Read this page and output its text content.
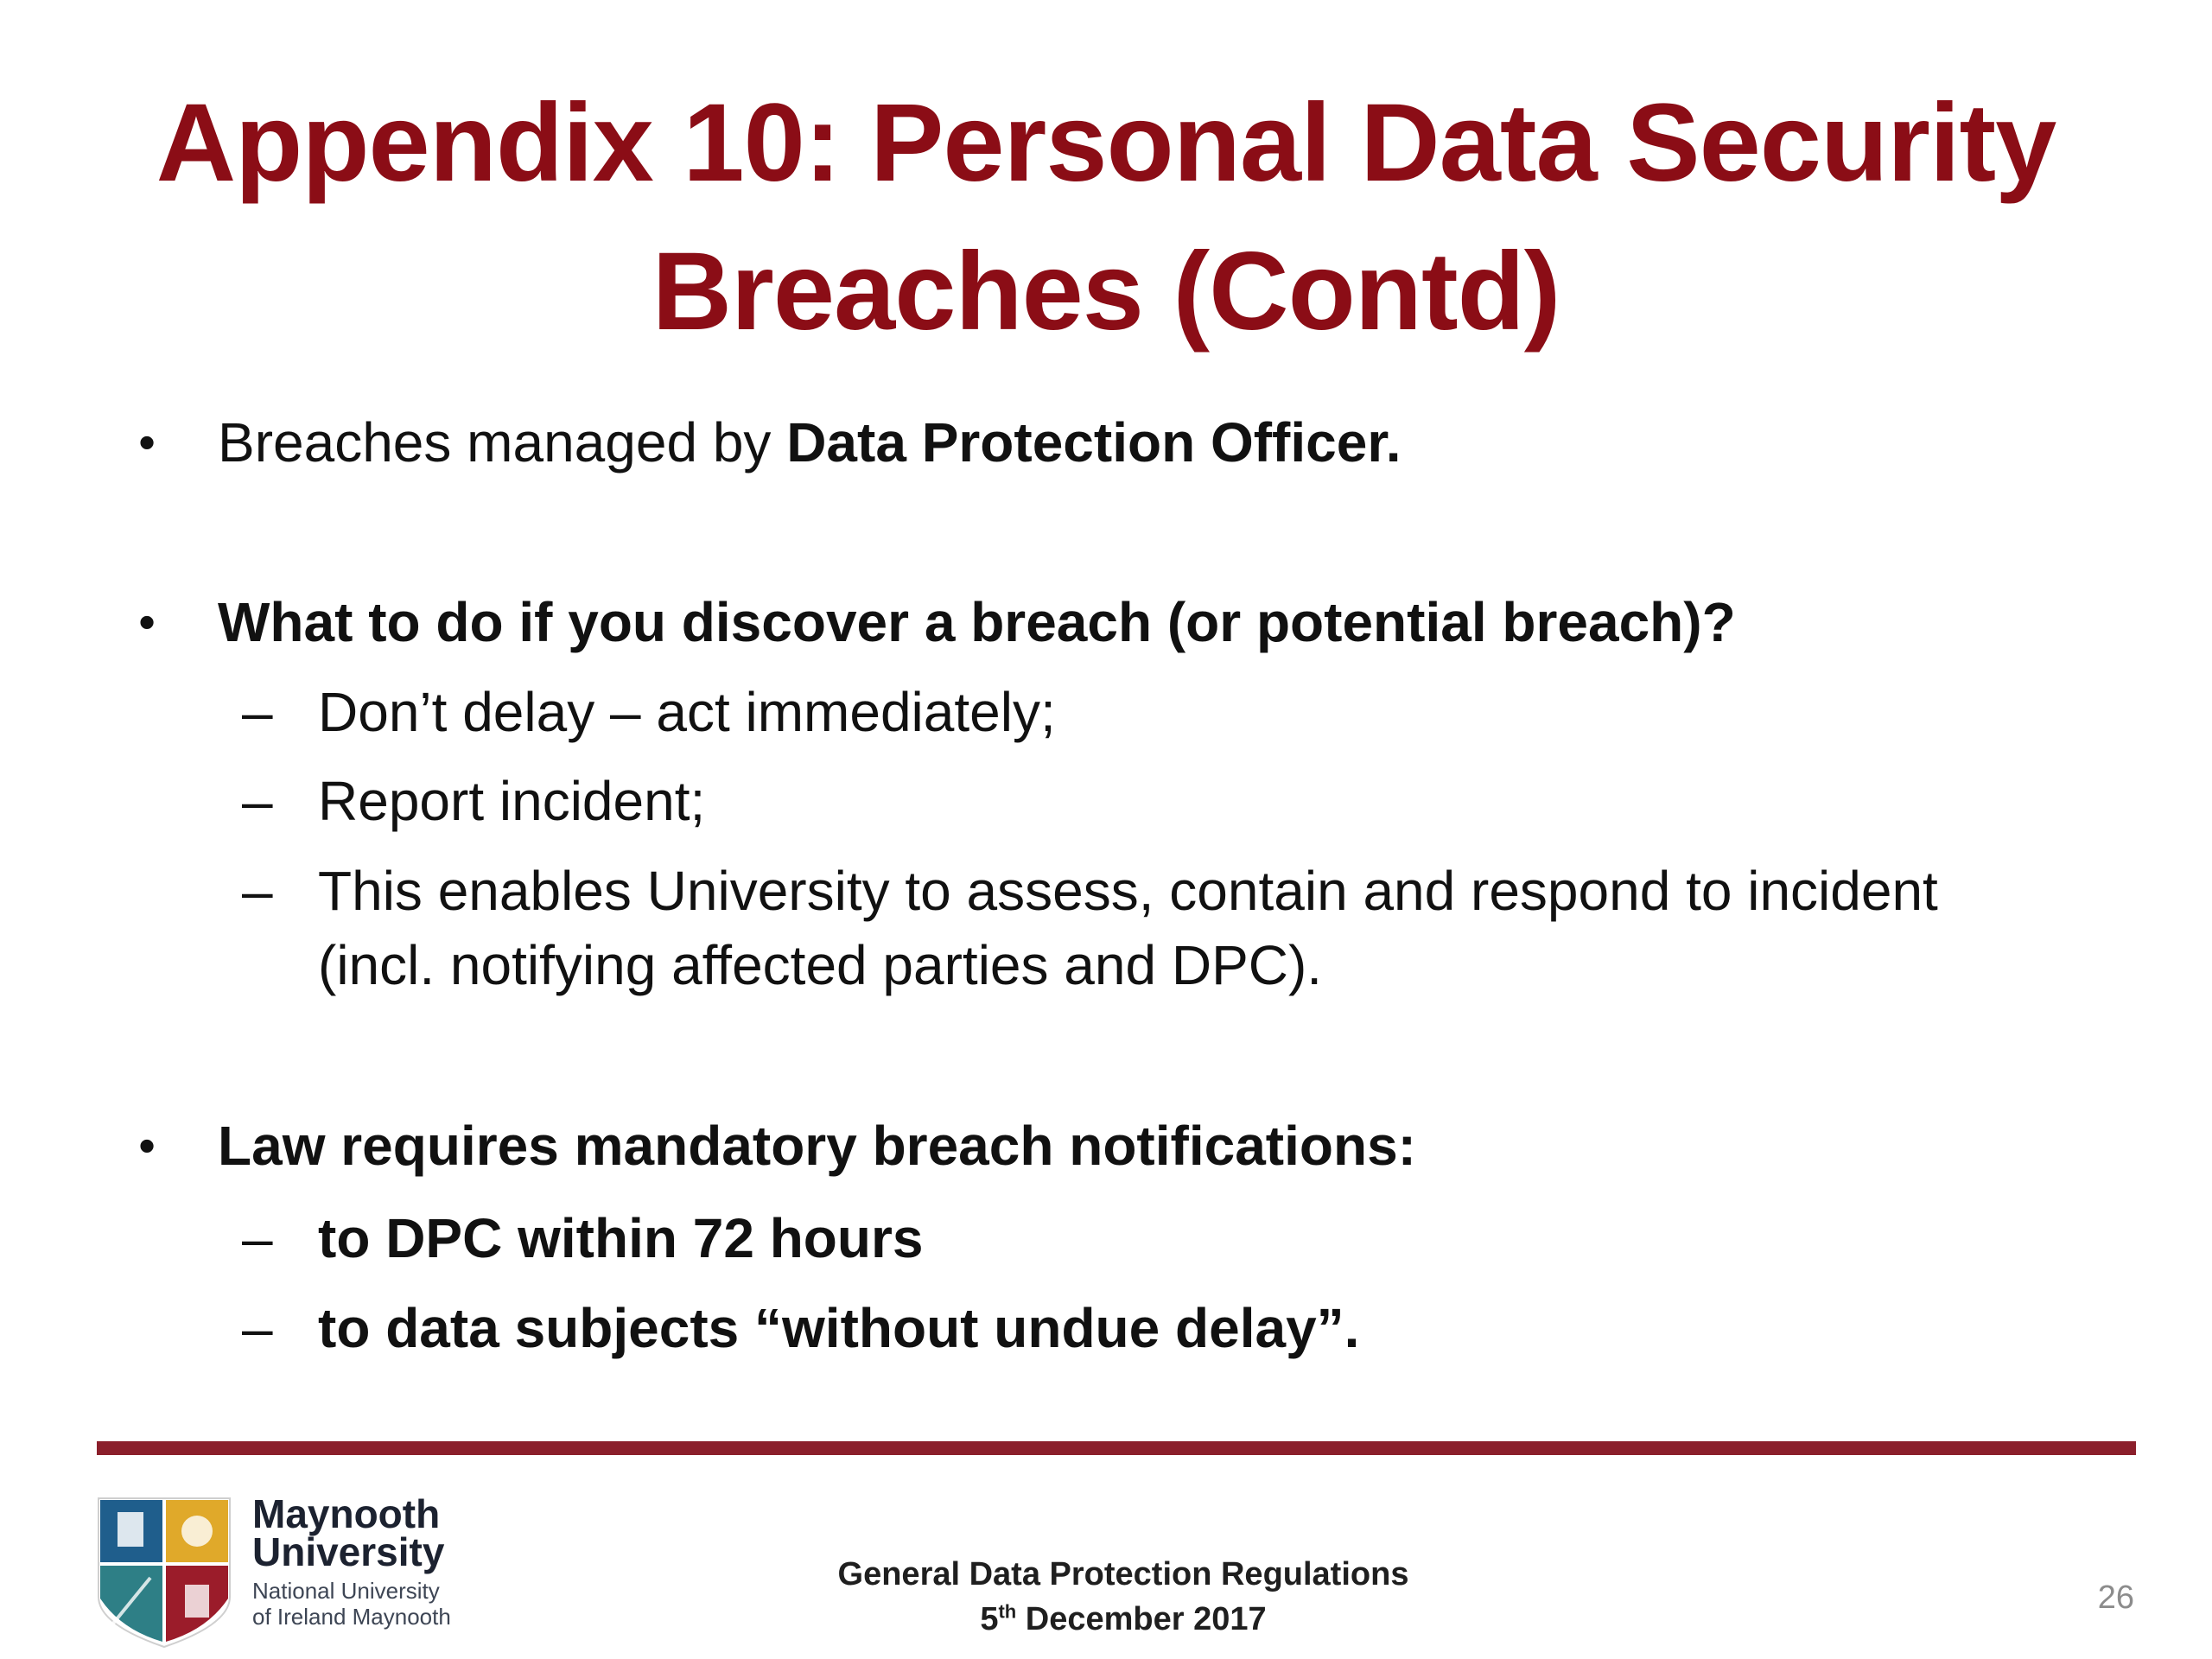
Appendix 10: Personal Data Security
Breaches (Contd)
• Breaches managed by Data Protection Officer.
• What to do if you discover a breach (or potential breach)?
– Don’t delay – act immediately;
– Report incident;
– This enables University to assess, contain and respond to incident
(incl. notifying affected parties and DPC).
• Law requires mandatory breach notifications:
– to DPC within 72 hours
– to data subjects “without undue delay”.
Maynooth
University
National University
of Ireland Maynooth
General Data Protection Regulations
5th December 2017
26
